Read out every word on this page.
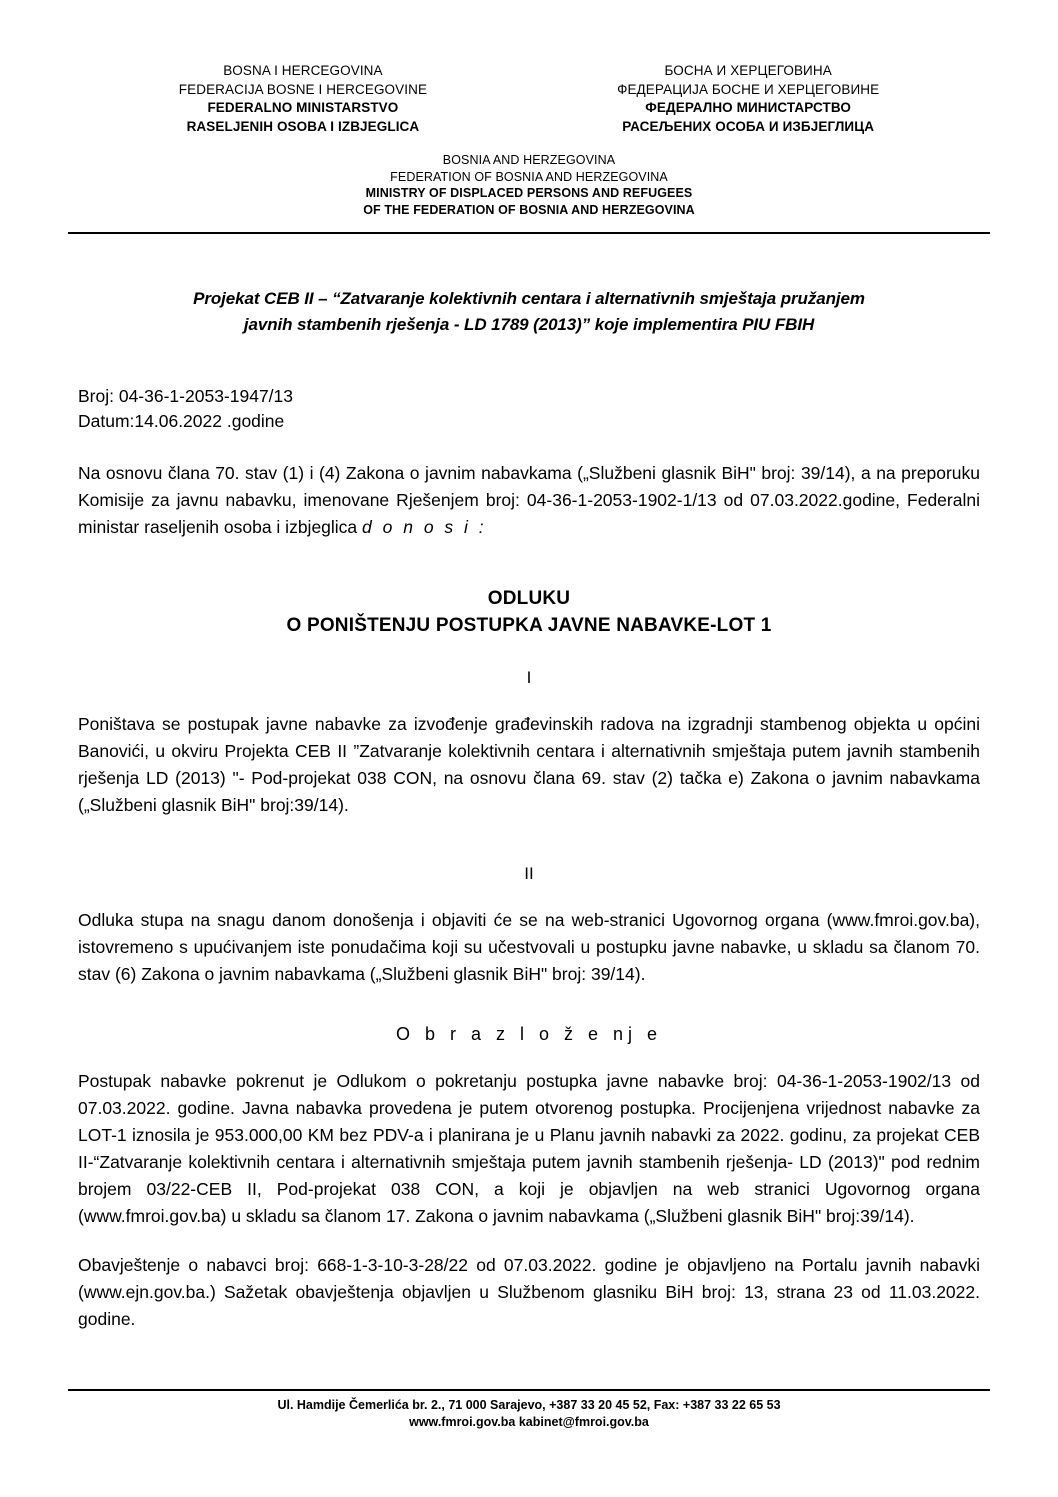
BOSNA I HERCEGOVINA
FEDERACIJA BOSNE I HERCEGOVINE
FEDERALNO MINISTARSTVO
RASELJENIH OSOBA I IZBJEGLICA
БОСНА И ХЕРЦЕГОВИНА
ФЕДЕРАЦИЈА БОСНЕ И ХЕРЦЕГОВИНЕ
ФЕДЕРАЛНО МИНИСТАРСТВО
РАСЕЉЕНИХ ОСОБА И ИЗБЈЕГЛИЦА
BOSNIA AND HERZEGOVINA
FEDERATION OF BOSNIA AND HERZEGOVINA
MINISTRY OF DISPLACED PERSONS AND REFUGEES
OF THE FEDERATION OF BOSNIA AND HERZEGOVINA
Projekat CEB II – “Zatvaranje kolektivnih centara i alternativnih smještaja pružanjem
javnih stambenih rješenja - LD 1789 (2013)” koje implementira PIU FBIH
Broj: 04-36-1-2053-1947/13
Datum:14.06.2022 .godine
Na osnovu člana 70. stav (1) i (4) Zakona o javnim nabavkama („Službeni glasnik BiH" broj: 39/14), a na preporuku Komisije za javnu nabavku, imenovane Rješenjem broj: 04-36-1-2053-1902-1/13 od 07.03.2022.godine, Federalni ministar raseljenih osoba i izbjeglica d o n o s i :
ODLUKU
O PONIŠTENJU POSTUPKA JAVNE NABAVKE-LOT 1
I
Poništava se postupak javne nabavke za izvođenje građevinskih radova na izgradnji stambenog objekta u općini Banovići, u okviru Projekta CEB II ”Zatvaranje kolektivnih centara i alternativnih smještaja putem javnih stambenih rješenja LD (2013) "- Pod-projekat 038 CON, na osnovu člana 69. stav (2) tačka e) Zakona o javnim nabavkama („Službeni glasnik BiH" broj:39/14).
II
Odluka stupa na snagu danom donošenja i objaviti će se na web-stranici Ugovornog organa (www.fmroi.gov.ba), istovremeno s upućivanjem iste ponudačima koji su učestvovali u postupku javne nabavke, u skladu sa članom 70. stav (6) Zakona o javnim nabavkama („Službeni glasnik BiH" broj: 39/14).
O b r a z l o ž e nj e
Postupak nabavke pokrenut je Odlukom o pokretanju postupka javne nabavke broj: 04-36-1-2053-1902/13 od 07.03.2022. godine. Javna nabavka provedena je putem otvorenog postupka. Procijenjena vrijednost nabavke za LOT-1 iznosila je 953.000,00 KM bez PDV-a i planirana je u Planu javnih nabavki za 2022. godinu, za projekat CEB II-“Zatvaranje kolektivnih centara i alternativnih smještaja putem javnih stambenih rješenja- LD (2013)" pod rednim brojem 03/22-CEB II, Pod-projekat 038 CON, a koji je objavljen na web stranici Ugovornog organa (www.fmroi.gov.ba) u skladu sa članom 17. Zakona o javnim nabavkama („Službeni glasnik BiH" broj:39/14).
Obavještenje o nabavci broj: 668-1-3-10-3-28/22 od 07.03.2022. godine je objavljeno na Portalu javnih nabavki (www.ejn.gov.ba.) Sažetak obavještenja objavljen u Službenom glasniku BiH broj: 13, strana 23 od 11.03.2022. godine.
Ul. Hamdije Čemerlića br. 2., 71 000 Sarajevo, +387 33 20 45 52, Fax: +387 33 22 65 53
www.fmroi.gov.ba kabinet@fmroi.gov.ba
